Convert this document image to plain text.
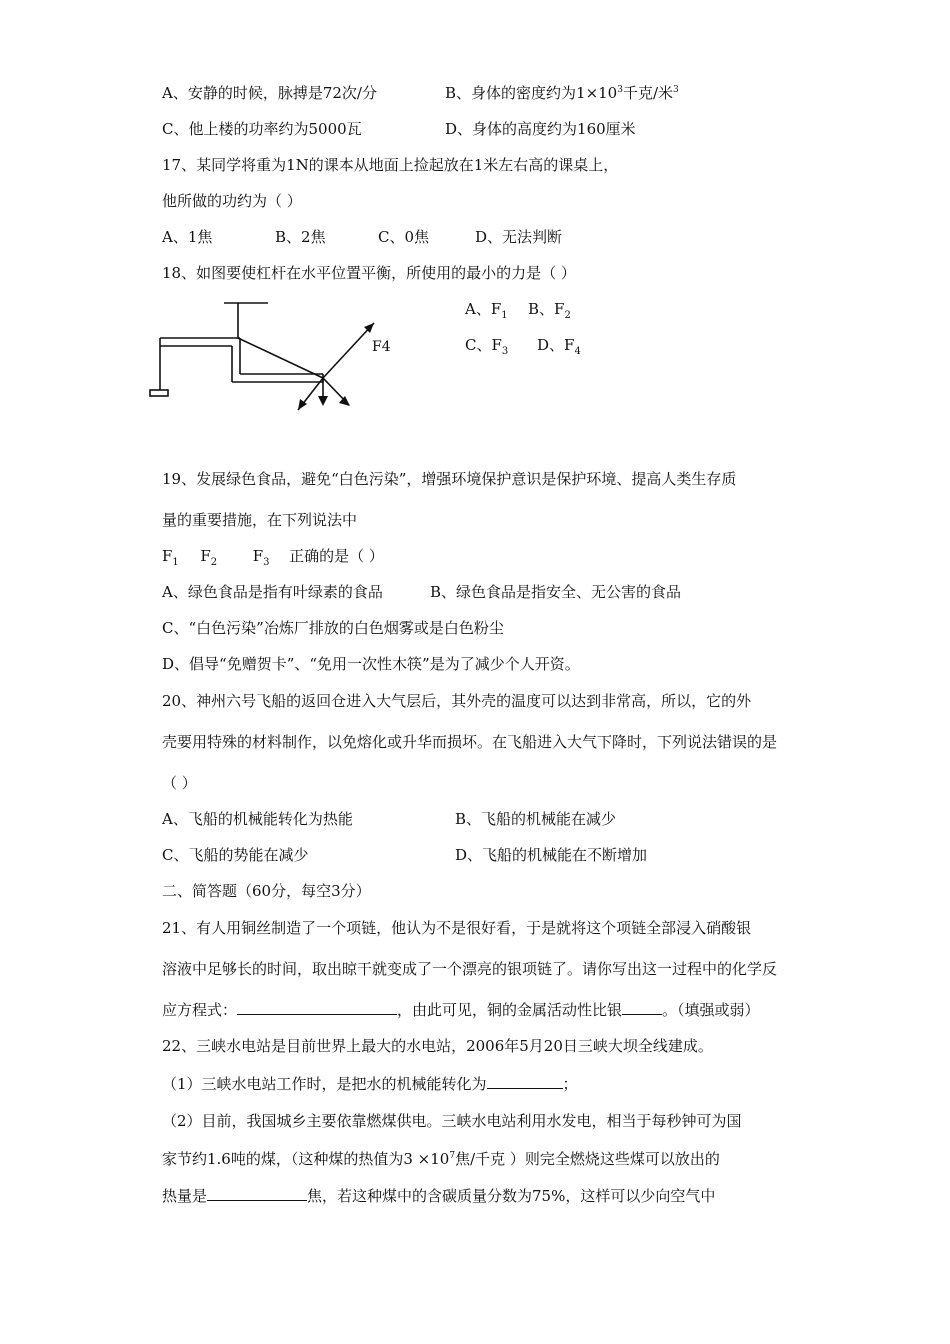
A、安静的时候，脉搏是72次/分	B、身体的密度约为$1\times 10^3$千克/米$^3$
C、他上楼的功率约为5000瓦	D、身体的高度约为160厘米
17、某同学将重为1N的课本从地面上捡起放在1米左右高的课桌上，
他所做的功约为（ ）
A、1焦	B、2焦	C、0焦	D、无法判断
18、如图要使杠杆在水平位置平衡，所使用的最小的力是（ ）
F4
A、$F_1$ B、$F_2$
C、$F_3$ D、$F_4$
19、发展绿色食品，避免“白色污染”，增强环境保护意识是保护环境、提高人类生存质
量的重要措施，在下列说法中
$F_1$ $F_2$ $F_3$ 正确的是（ ）
A、绿色食品是指有叶绿素的食品	B、绿色食品是指安全、无公害的食品
C、“白色污染”冶炼厂排放的白色烟雾或是白色粉尘
D、倡导“免赠贺卡”、“免用一次性木筷”是为了减少个人开资。
20、神州六号飞船的返回仓进入大气层后，其外壳的温度可以达到非常高，所以，它的外
壳要用特殊的材料制作，以免熔化或升华而损坏。在飞船进入大气下降时，下列说法错误的是
（ ）
A、飞船的机械能转化为热能	B、飞船的机械能在减少
C、飞船的势能在减少	D、飞船的机械能在不断增加
二、简答题（60分，每空3分）
21、有人用铜丝制造了一个项链，他认为不是很好看，于是就将这个项链全部浸入硝酸银
溶液中足够长的时间，取出晾干就变成了一个漂亮的银项链了。请你写出这一过程中的化学反
应方程式：	，由此可见，铜的金属活动性比银	。（填强或弱）
22、三峡水电站是目前世界上最大的水电站，2006年5月20日三峡大坝全线建成。
（1）三峡水电站工作时，是把水的机械能转化为	；
（2）目前，我国城乡主要依靠燃煤供电。三峡水电站利用水发电，相当于每秒钟可为国
家节约1.6吨的煤，（这种煤的热值为$3 \times 10^7$焦/千克 ）则完全燃烧这些煤可以放出的
热量是	焦，若这种煤中的含碳质量分数为75%，这样可以少向空气中
